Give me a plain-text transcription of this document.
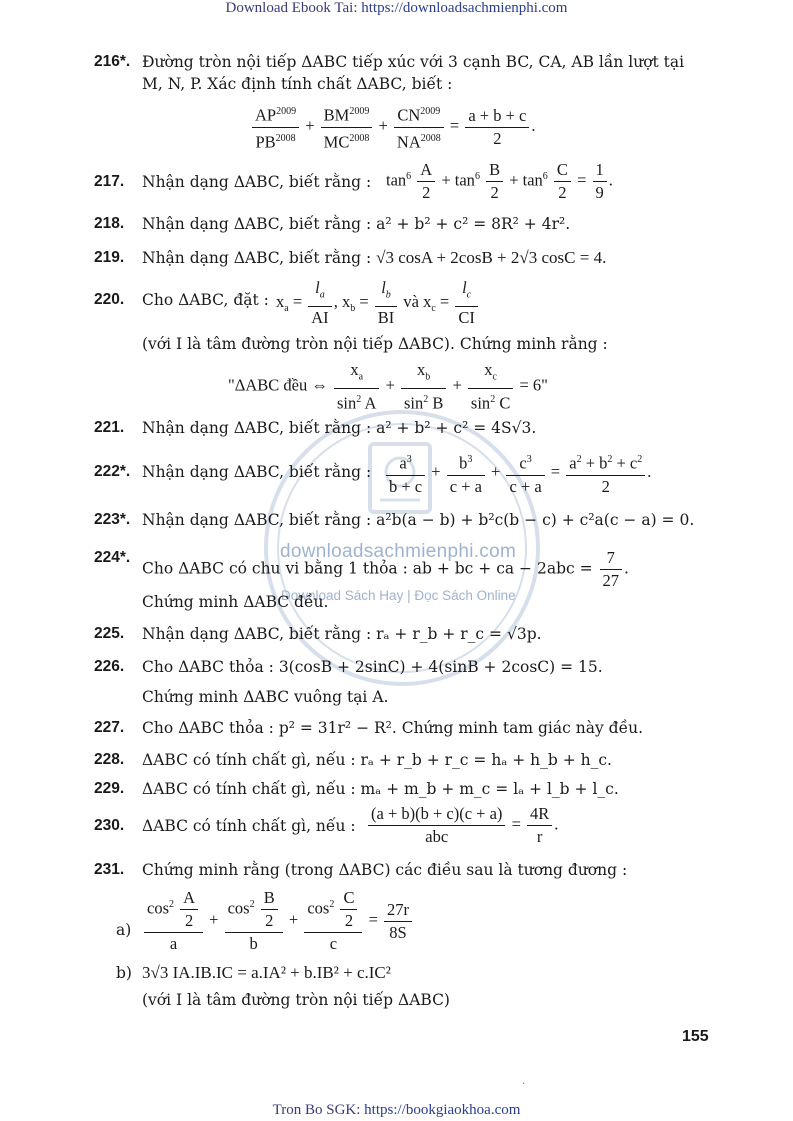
Download Ebook Tai: https://downloadsachmienphi.com
downloadsachmienphi.com
Download Sách Hay | Đọc Sách Online
216*. Đường tròn nội tiếp ΔABC tiếp xúc với 3 cạnh BC, CA, AB lần lượt tại
M, N, P. Xác định tính chất ΔABC, biết :
$\frac{AP^{2009}}{PB^{2008}} + \frac{BM^{2009}}{MC^{2008}} + \frac{CN^{2009}}{NA^{2008}} = \frac{a + b + c}{2}$ .
217. Nhận dạng ΔABC, biết rằng : $\tan^6 \frac{A}{2} + \tan^6 \frac{B}{2} + \tan^6 \frac{C}{2} = \frac{1}{9}$ .
218. Nhận dạng ΔABC, biết rằng : a² + b² + c² = 8R² + 4r².
219. Nhận dạng ΔABC, biết rằng : √3 cosA + 2cosB + 2√3 cosC = 4.
220. Cho ΔABC, đặt : $x_a = \frac{l_a}{AI}$ , $x_b = \frac{l_b}{BI}$ và $x_c = \frac{l_c}{CI}$
(với I là tâm đường tròn nội tiếp ΔABC). Chứng minh rằng :
"ΔABC đều ⇔ $\frac{x_a}{\sin^2 A} + \frac{x_b}{\sin^2 B} + \frac{x_c}{\sin^2 C} = 6$"
221. Nhận dạng ΔABC, biết rằng : a² + b² + c² = 4S√3.
222*. Nhận dạng ΔABC, biết rằng : $\frac{a^3}{b + c} + \frac{b^3}{c + a} + \frac{c^3}{c + a} = \frac{a^2 + b^2 + c^2}{2}$ .
223*. Nhận dạng ΔABC, biết rằng : a²b(a − b) + b²c(b − c) + c²a(c − a) = 0.
224*.
Cho ΔABC có chu vi bằng 1 thỏa : ab + bc + ca − $2abc = \frac{7}{27}$ .
Chứng minh ΔABC đều.
225. Nhận dạng ΔABC, biết rằng : rₐ + r_b + r_c = √3p.
226. Cho ΔABC thỏa : 3(cosB + 2sinC) + 4(sinB + 2cosC) = 15.
Chứng minh ΔABC vuông tại A.
227. Cho ΔABC thỏa : p² = 31r² − R². Chứng minh tam giác này đều.
228. ΔABC có tính chất gì, nếu : rₐ + r_b + r_c = hₐ + h_b + h_c.
229. ΔABC có tính chất gì, nếu : mₐ + m_b + m_c = lₐ + l_b + l_c.
230. ΔABC có tính chất gì, nếu : $\frac{(a + b)(b + c)(c + a)}{\text{abc}} = \frac{4R}{r}$ .
231. Chứng minh rằng (trong ΔABC) các điều sau là tương đương :
$a) \frac{\cos^2 \frac{A}{2}}{a} + \frac{\cos^2 \frac{B}{2}}{b} + \frac{\cos^2 \frac{C}{2}}{c} = \frac{27r}{8S}$
b) 3√3 IA.IB.IC = a.IA² + b.IB² + c.IC²
(với I là tâm đường tròn nội tiếp ΔABC)
155
·
Tron Bo SGK: https://bookgiaokhoa.com
